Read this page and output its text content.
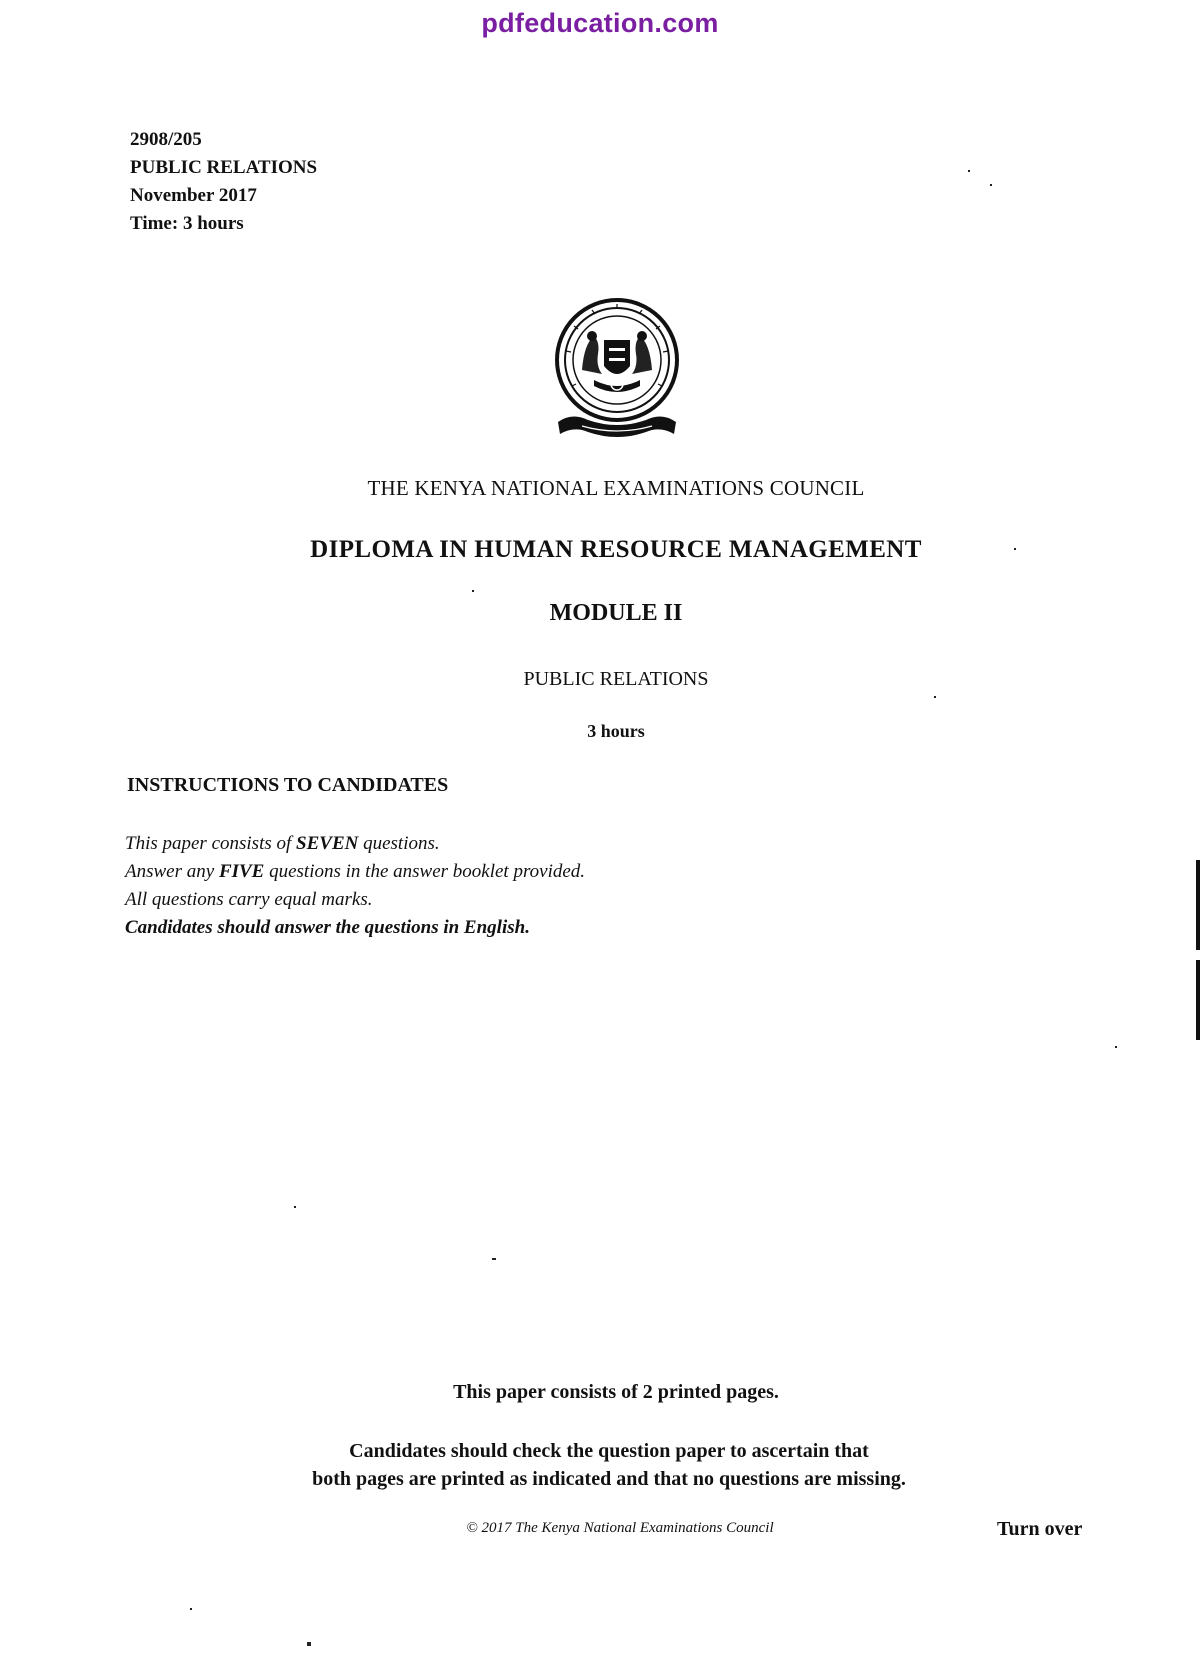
pdfeducation.com
2908/205
PUBLIC RELATIONS
November 2017
Time: 3 hours
THE KENYA NATIONAL EXAMINATIONS COUNCIL
DIPLOMA IN HUMAN RESOURCE MANAGEMENT
MODULE II
PUBLIC RELATIONS
3 hours
INSTRUCTIONS TO CANDIDATES
This paper consists of SEVEN questions.
Answer any FIVE questions in the answer booklet provided.
All questions carry equal marks.
Candidates should answer the questions in English.
This paper consists of 2 printed pages.
Candidates should check the question paper to ascertain that
both pages are printed as indicated and that no questions are missing.
© 2017 The Kenya National Examinations Council	Turn over
